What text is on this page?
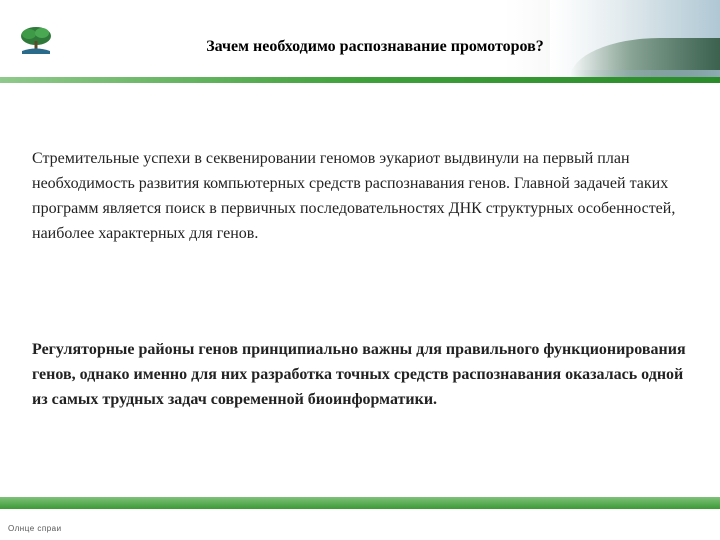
Зачем необходимо распознавание промоторов?

Стремительные успехи в секвенировании геномов эукариот выдвинули на первый план необходимость развития компьютерных средств распознавания генов. Главной задачей таких программ является поиск в первичных последовательностях ДНК структурных особенностей, наиболее характерных для генов.

Регуляторные районы генов принципиально важны для правильного функционирования генов, однако именно для них разработка точных средств распознавания оказалась одной из самых трудных задач современной биоинформатики.

Олнце спраи
